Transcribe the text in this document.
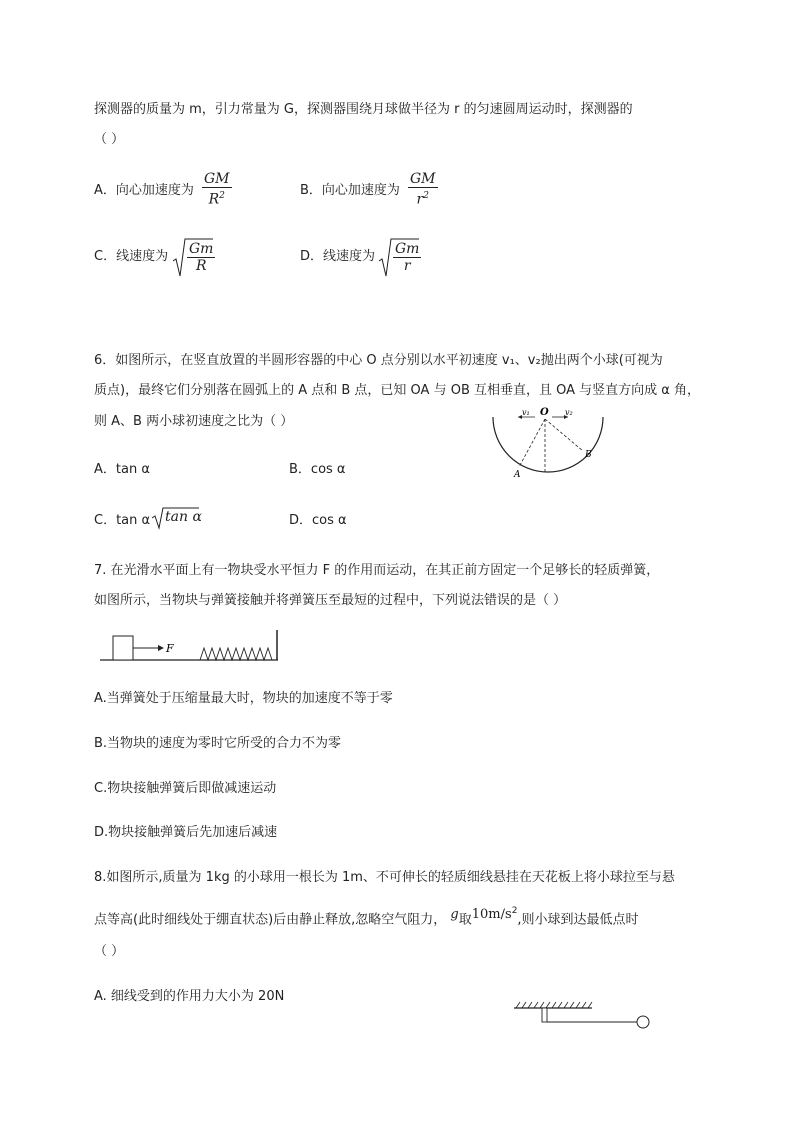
探测器的质量为 m，引力常量为 G，探测器围绕月球做半径为 r 的匀速圆周运动时，探测器的
（ ）
A．向心加速度为 $\frac{GM}{R^2}$	B．向心加速度为 $\frac{GM}{r^2}$
C．线速度为 $\frac{Gm}{R}$	D．线速度为 $\frac{Gm}{r}$
6．如图所示，在竖直放置的半圆形容器的中心 O 点分别以水平初速度 v₁、v₂抛出两个小球(可视为
质点)，最终它们分别落在圆弧上的 A 点和 B 点，已知 OA 与 OB 互相垂直，且 OA 与竖直方向成 α 角，
则 A、B 两小球初速度之比为（ ）
v₁ O v₂
A
B
A．tan α	B．cos α
C．tan α tan α	D．cos α
7. 在光滑水平面上有一物块受水平恒力 F 的作用而运动，在其正前方固定一个足够长的轻质弹簧，
如图所示，当物块与弹簧接触并将弹簧压至最短的过程中，下列说法错误的是（ ）
F
A.当弹簧处于压缩量最大时，物块的加速度不等于零
B.当物块的速度为零时它所受的合力不为零
C.物块接触弹簧后即做减速运动
D.物块接触弹簧后先加速后减速
8.如图所示,质量为 1kg 的小球用一根长为 1m、不可伸长的轻质细线悬挂在天花板上将小球拉至与悬
点等高(此时细线处于绷直状态)后由静止释放,忽略空气阻力， g取$10m/s^2$,则小球到达最低点时
（ ）
A. 细线受到的作用力大小为 20N
